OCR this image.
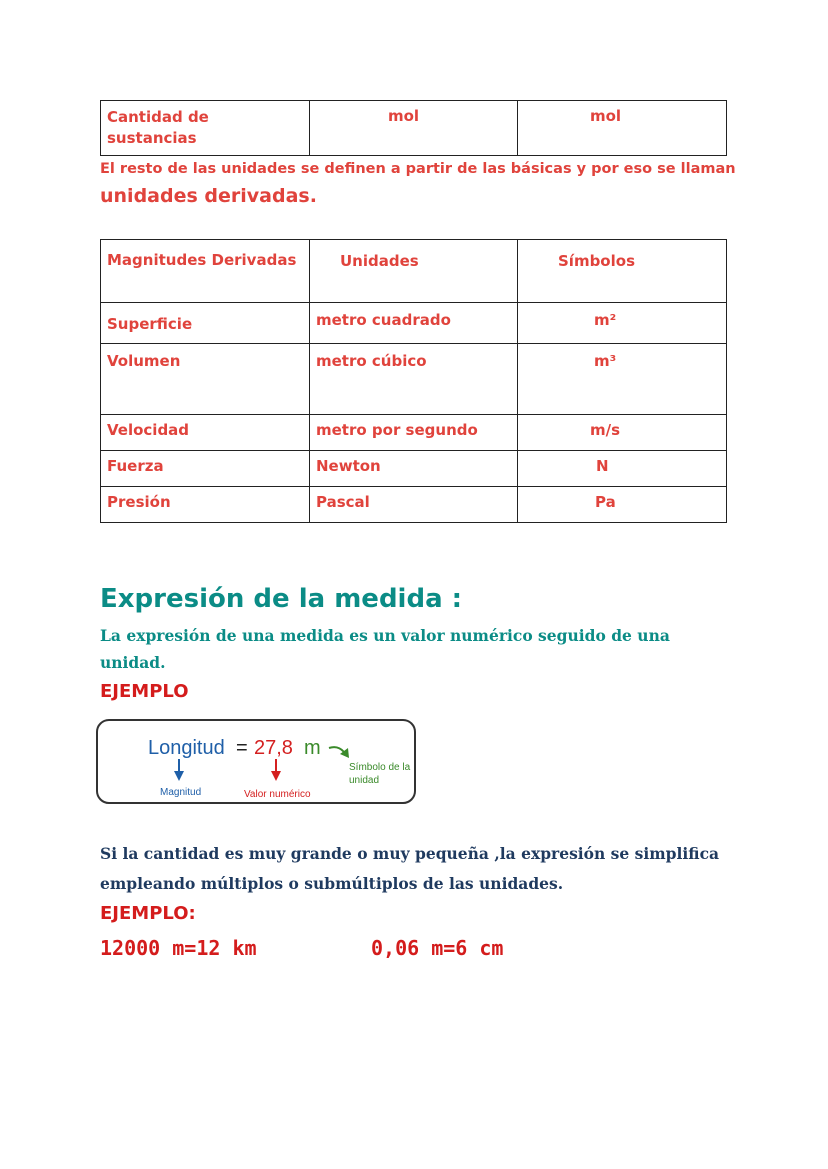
Cantidad de sustancias	mol	mol
El resto de las unidades se definen a partir de las básicas y por eso se llaman unidades derivadas.
Magnitudes Derivadas	Unidades	Símbolos
Superficie	metro cuadrado	m²
Volumen	metro cúbico	m³
Velocidad	metro por segundo	m/s
Fuerza	Newton	N
Presión	Pascal	Pa
Expresión de la medida :
La expresión de una medida es un valor numérico seguido de una unidad.
EJEMPLO
Longitud = 27,8 m
Magnitud	Valor numérico
Símbolo de la
unidad
Si la cantidad es muy grande o muy pequeña ,la expresión se simplifica empleando múltiplos o submúltiplos de las unidades.
EJEMPLO:
12000 m=12 km	0,06 m=6 cm
